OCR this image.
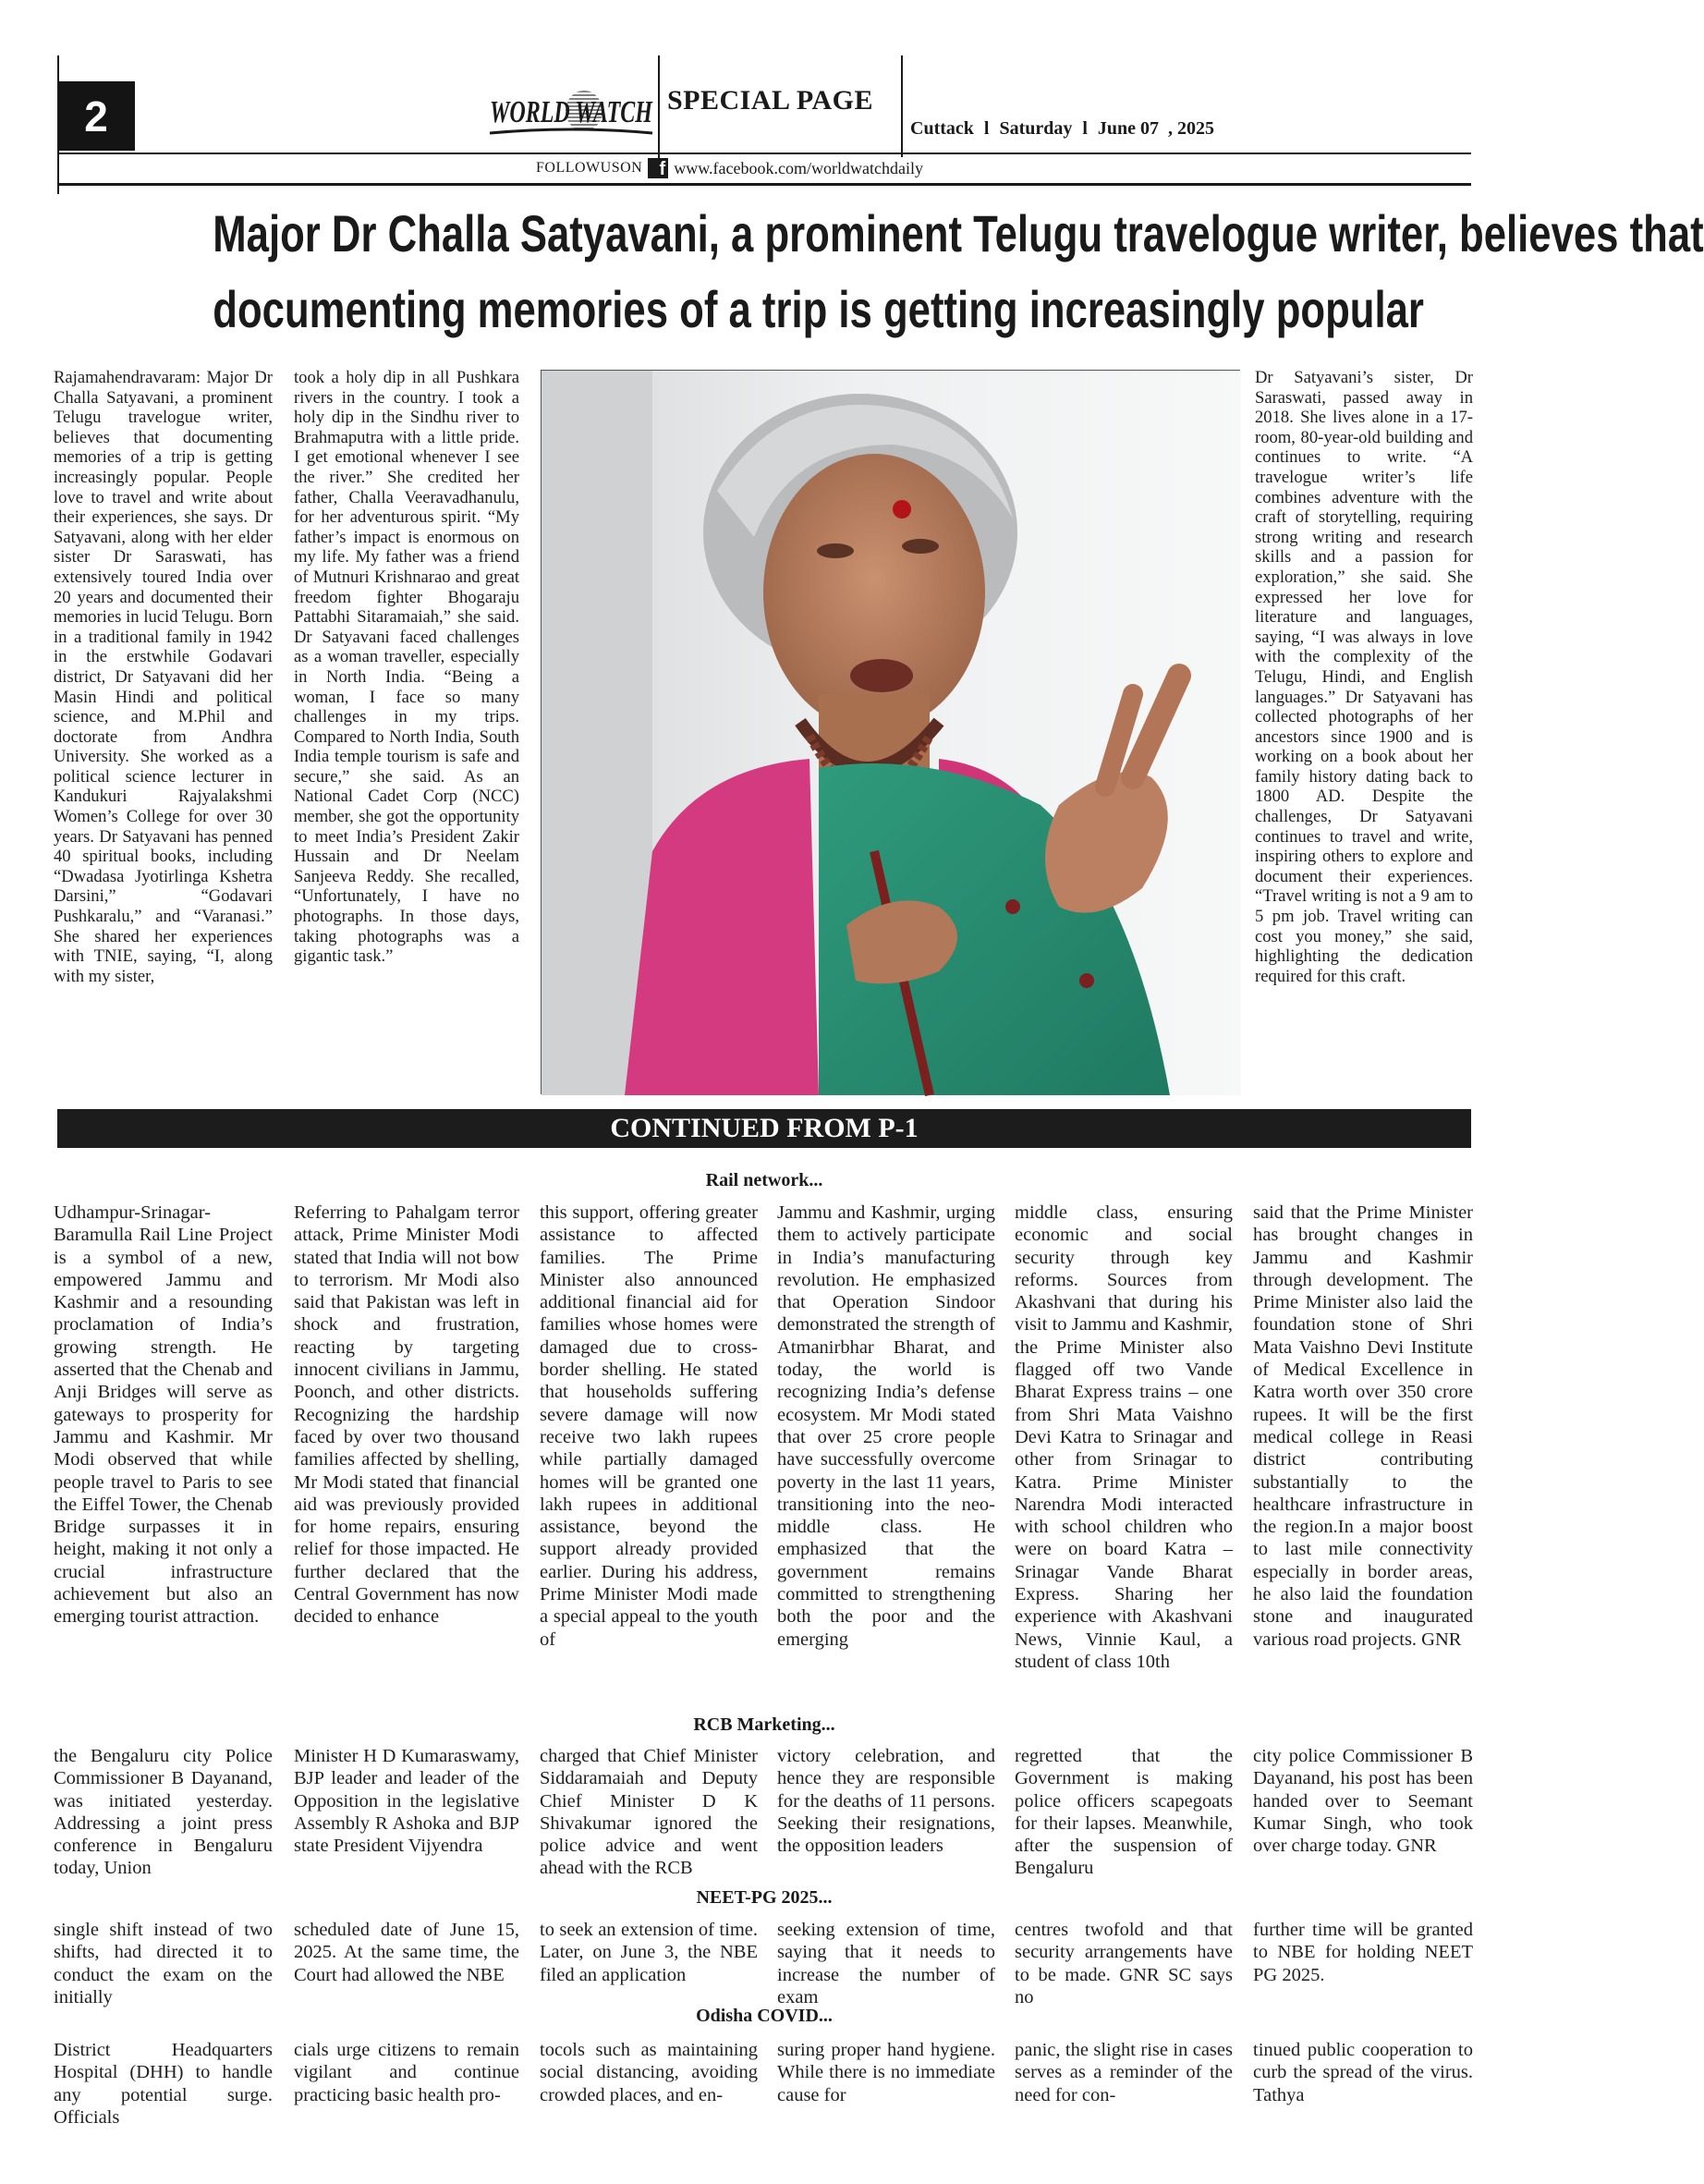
2	WORLD WATCH SPECIAL PAGE
Cuttack l Saturday l June 07  , 2025
FOLLOWUSON f www.facebook.com/worldwatchdaily
Major Dr Challa Satyavani, a prominent Telugu travelogue writer, believes that
documenting memories of a trip is getting increasingly popular
Rajamahendravaram: Major Dr Challa Satyavani, a prominent Telugu travelogue writer, believes that documenting memories of a trip is getting increasingly popular. People love to travel and write about their experiences, she says. Dr Satyavani, along with her elder sister Dr Saraswati, has extensively toured India over 20 years and documented their memories in lucid Telugu. Born in a traditional family in 1942 in the erstwhile Godavari district, Dr Satyavani did her Masin Hindi and political science, and M.Phil and doctorate from Andhra University. She worked as a political science lecturer in Kandukuri Rajyalakshmi Women’s College for over 30 years. Dr Satyavani has penned 40 spiritual books, including “Dwadasa Jyotirlinga Kshetra Darsini,” “Godavari Pushkaralu,” and “Varanasi.” She shared her experiences with TNIE, saying, “I, along with my sister,
took a holy dip in all Pushkara rivers in the country. I took a holy dip in the Sindhu river to Brahmaputra with a little pride. I get emotional whenever I see the river.” She credited her father, Challa Veeravadhanulu, for her adventurous spirit. “My father’s impact is enormous on my life. My father was a friend of Mutnuri Krishnarao and great freedom fighter Bhogaraju Pattabhi Sitaramaiah,” she said. Dr Satyavani faced challenges as a woman traveller, especially in North India. “Being a woman, I face so many challenges in my trips. Compared to North India, South India temple tourism is safe and secure,” she said. As an National Cadet Corp (NCC) member, she got the opportunity to meet India’s President Zakir Hussain and Dr Neelam Sanjeeva Reddy. She recalled, “Unfortunately, I have no photographs. In those days, taking photographs was a gigantic task.”
Dr Satyavani’s sister, Dr Saraswati, passed away in 2018. She lives alone in a 17-room, 80-year-old building and continues to write. “A travelogue writer’s life combines adventure with the craft of storytelling, requiring strong writing and research skills and a passion for exploration,” she said. She expressed her love for literature and languages, saying, “I was always in love with the complexity of the Telugu, Hindi, and English languages.” Dr Satyavani has collected photographs of her ancestors since 1900 and is working on a book about her family history dating back to 1800 AD. Despite the challenges, Dr Satyavani continues to travel and write, inspiring others to explore and document their experiences. “Travel writing is not a 9 am to 5 pm job. Travel writing can cost you money,” she said, highlighting the dedication required for this craft.
CONTINUED FROM P-1
Rail network...
Udhampur-Srinagar-Baramulla Rail Line Project is a symbol of a new, empowered Jammu and Kashmir and a resounding proclamation of India’s growing strength. He asserted that the Chenab and Anji Bridges will serve as gateways to prosperity for Jammu and Kashmir. Mr Modi observed that while people travel to Paris to see the Eiffel Tower, the Chenab Bridge surpasses it in height, making it not only a crucial infrastructure achievement but also an emerging tourist attraction.
Referring to Pahalgam terror attack, Prime Minister Modi stated that India will not bow to terrorism. Mr Modi also said that Pakistan was left in shock and frustration, reacting by targeting innocent civilians in Jammu, Poonch, and other districts. Recognizing the hardship faced by over two thousand families affected by shelling, Mr Modi stated that financial aid was previously provided for home repairs, ensuring relief for those impacted. He further declared that the Central Government has now decided to enhance
this support, offering greater assistance to affected families. The Prime Minister also announced additional financial aid for families whose homes were damaged due to cross-border shelling. He stated that households suffering severe damage will now receive two lakh rupees while partially damaged homes will be granted one lakh rupees in additional assistance, beyond the support already provided earlier. During his address, Prime Minister Modi made a special appeal to the youth of
Jammu and Kashmir, urging them to actively participate in India’s manufacturing revolution. He emphasized that Operation Sindoor demonstrated the strength of Atmanirbhar Bharat, and today, the world is recognizing India’s defense ecosystem. Mr Modi stated that over 25 crore people have successfully overcome poverty in the last 11 years, transitioning into the neo-middle class. He emphasized that the government remains committed to strengthening both the poor and the emerging
middle class, ensuring economic and social security through key reforms. Sources from Akashvani that during his visit to Jammu and Kashmir, the Prime Minister also flagged off two Vande Bharat Express trains – one from Shri Mata Vaishno Devi Katra to Srinagar and other from Srinagar to Katra. Prime Minister Narendra Modi interacted with school children who were on board Katra – Srinagar Vande Bharat Express. Sharing her experience with Akashvani News, Vinnie Kaul, a student of class 10th
said that the Prime Minister has brought changes in Jammu and Kashmir through development. The Prime Minister also laid the foundation stone of Shri Mata Vaishno Devi Institute of Medical Excellence in Katra worth over 350 crore rupees. It will be the first medical college in Reasi district contributing substantially to the healthcare infrastructure in the region.In a major boost to last mile connectivity especially in border areas, he also laid the foundation stone and inaugurated various road projects. GNR
RCB Marketing...
the Bengaluru city Police Commissioner B Dayanand, was initiated yesterday. Addressing a joint press conference in Bengaluru today, Union
Minister H D Kumaraswamy, BJP leader and leader of the Opposition in the legislative Assembly R Ashoka and BJP state President Vijyendra
charged that Chief Minister Siddaramaiah and Deputy Chief Minister D K Shivakumar ignored the police advice and went ahead with the RCB
victory celebration, and hence they are responsible for the deaths of 11 persons. Seeking their resignations, the opposition leaders
regretted that the Government is making police officers scapegoats for their lapses. Meanwhile, after the suspension of Bengaluru
city police Commissioner B Dayanand, his post has been handed over to Seemant Kumar Singh, who took over charge today. GNR
NEET-PG 2025...
single shift instead of two shifts, had directed it to conduct the exam on the initially
scheduled date of June 15, 2025. At the same time, the Court had allowed the NBE
to seek an extension of time. Later, on June 3, the NBE filed an application
seeking extension of time, saying that it needs to increase the number of exam
centres twofold and that security arrangements have to be made. GNR SC says no
further time will be granted to NBE for holding NEET PG 2025.
Odisha COVID...
District Headquarters Hospital (DHH) to handle any potential surge. Officials
cials urge citizens to remain vigilant and continue practicing basic health pro-
tocols such as maintaining social distancing, avoiding crowded places, and en-
suring proper hand hygiene. While there is no immediate cause for
panic, the slight rise in cases serves as a reminder of the need for con-
tinued public cooperation to curb the spread of the virus. Tathya
